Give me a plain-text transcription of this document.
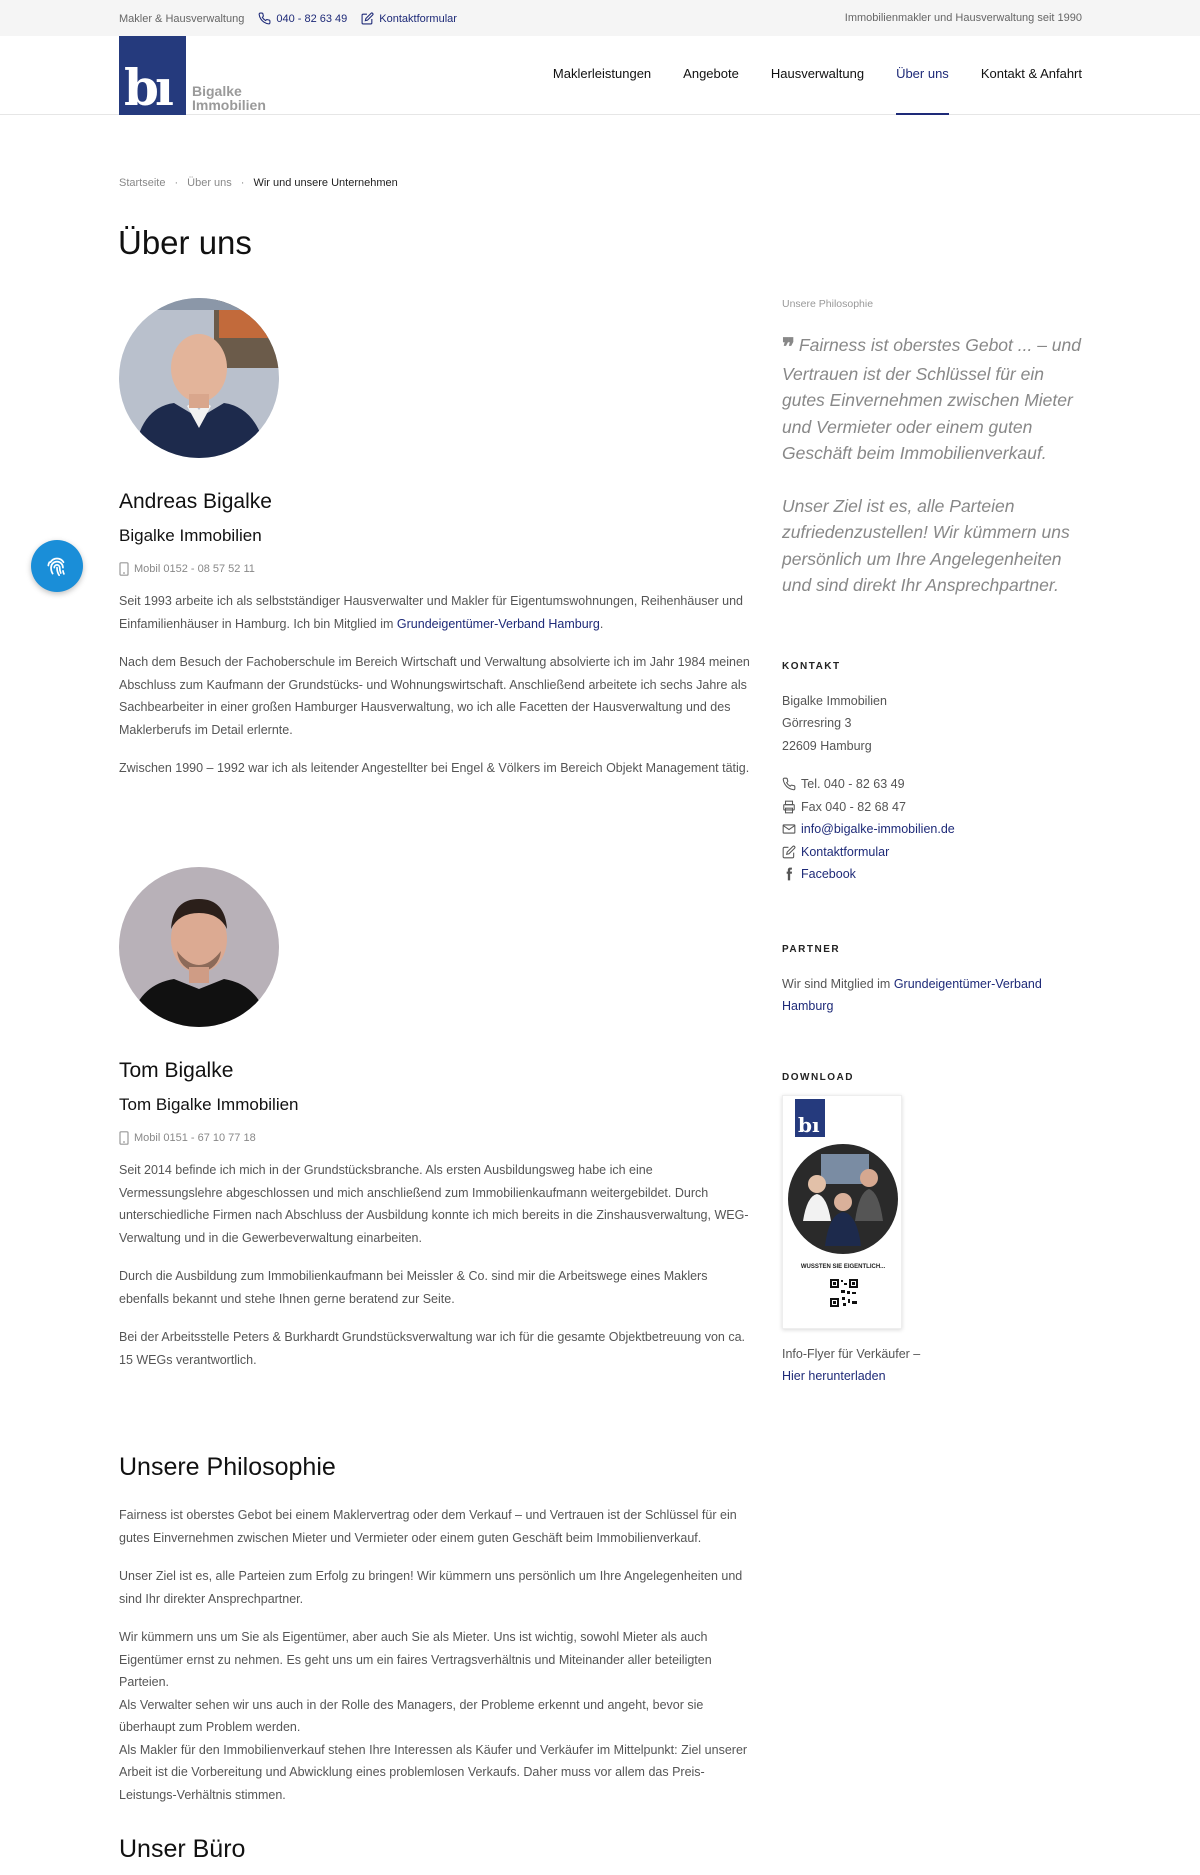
Makler & Hausverwaltung	040 - 82 63 49	Kontaktformular	Immobilienmakler und Hausverwaltung seit 1990
bı Bigalke
Immobilien
Maklerleistungen Angebote Hausverwaltung Über uns Kontakt & Anfahrt
Startseite · Über uns · Wir und unsere Unternehmen
Über uns
Andreas Bigalke
Bigalke Immobilien
Mobil 0152 - 08 57 52 11

Seit 1993 arbeite ich als selbstständiger Hausverwalter und Makler für Eigentumswohnungen, Reihenhäuser und Einfamilienhäuser in Hamburg. Ich bin Mitglied im Grundeigentümer-Verband Hamburg.

Nach dem Besuch der Fachoberschule im Bereich Wirtschaft und Verwaltung absolvierte ich im Jahr 1984 meinen Abschluss zum Kaufmann der Grundstücks- und Wohnungswirtschaft. Anschließend arbeitete ich sechs Jahre als Sachbearbeiter in einer großen Hamburger Hausverwaltung, wo ich alle Facetten der Hausverwaltung und des Maklerberufs im Detail erlernte.

Zwischen 1990 – 1992 war ich als leitender Angestellter bei Engel & Völkers im Bereich Objekt Management tätig.

Tom Bigalke
Tom Bigalke Immobilien
Mobil 0151 - 67 10 77 18

Seit 2014 befinde ich mich in der Grundstücksbranche. Als ersten Ausbildungsweg habe ich eine Vermessungslehre abgeschlossen und mich anschließend zum Immobilienkaufmann weitergebildet. Durch unterschiedliche Firmen nach Abschluss der Ausbildung konnte ich mich bereits in die Zinshausverwaltung, WEG-Verwaltung und in die Gewerbeverwaltung einarbeiten.

Durch die Ausbildung zum Immobilienkaufmann bei Meissler & Co. sind mir die Arbeitswege eines Maklers ebenfalls bekannt und stehe Ihnen gerne beratend zur Seite.

Bei der Arbeitsstelle Peters & Burkhardt Grundstücksverwaltung war ich für die gesamte Objektbetreuung von ca. 15 WEGs verantwortlich.

Unsere Philosophie

Fairness ist oberstes Gebot bei einem Maklervertrag oder dem Verkauf – und Vertrauen ist der Schlüssel für ein gutes Einvernehmen zwischen Mieter und Vermieter oder einem guten Geschäft beim Immobilienverkauf.

Unser Ziel ist es, alle Parteien zum Erfolg zu bringen! Wir kümmern uns persönlich um Ihre Angelegenheiten und sind Ihr direkter Ansprechpartner.

Wir kümmern uns um Sie als Eigentümer, aber auch Sie als Mieter. Uns ist wichtig, sowohl Mieter als auch Eigentümer ernst zu nehmen. Es geht uns um ein faires Vertragsverhältnis und Miteinander aller beteiligten Parteien.

Als Verwalter sehen wir uns auch in der Rolle des Managers, der Probleme erkennt und angeht, bevor sie überhaupt zum Problem werden.

Als Makler für den Immobilienverkauf stehen Ihre Interessen als Käufer und Verkäufer im Mittelpunkt: Ziel unserer Arbeit ist die Vorbereitung und Abwicklung eines problemlosen Verkaufs. Daher muss vor allem das Preis-Leistungs-Verhältnis stimmen.

Unser Büro
Unsere Philosophie

❞ Fairness ist oberstes Gebot ... – und Vertrauen ist der Schlüssel für ein gutes Einvernehmen zwischen Mieter und Vermieter oder einem guten Geschäft beim Immobilienverkauf.

Unser Ziel ist es, alle Parteien zufriedenzustellen! Wir kümmern uns persönlich um Ihre Angelegenheiten und sind direkt Ihr Ansprechpartner.

KONTAKT
Bigalke Immobilien
Görresring 3
22609 Hamburg
Tel. 040 - 82 63 49
Fax 040 - 82 68 47
info@bigalke-immobilien.de
Kontaktformular
Facebook
PARTNER
Wir sind Mitglied im Grundeigentümer-Verband Hamburg
DOWNLOAD
bı
WUSSTEN SIE EIGENTLICH...
Info-Flyer für Verkäufer –
Hier herunterladen
